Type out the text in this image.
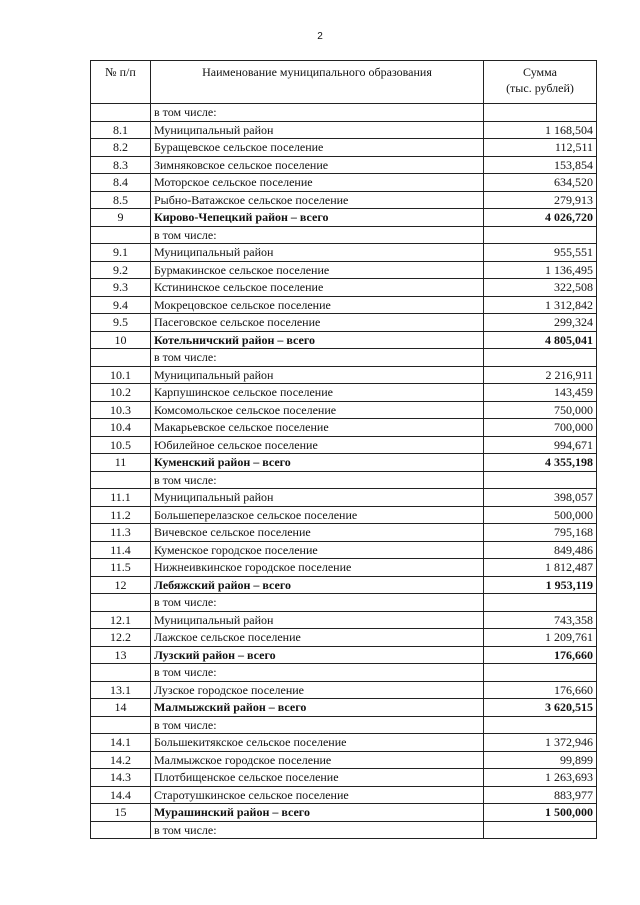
2
№ п/п	Наименование муниципального образования	Сумма
(тыс. рублей)
	в том числе:	
8.1	Муниципальный район	1 168,504
8.2	Буращевское сельское поселение	112,511
8.3	Зимняковское сельское поселение	153,854
8.4	Моторское сельское поселение	634,520
8.5	Рыбно-Ватажское сельское поселение	279,913
9	Кирово-Чепецкий район – всего	4 026,720
	в том числе:	
9.1	Муниципальный район	955,551
9.2	Бурмакинское сельское поселение	1 136,495
9.3	Кстининское сельское поселение	322,508
9.4	Мокрецовское сельское поселение	1 312,842
9.5	Пасеговское сельское поселение	299,324
10	Котельничский район – всего	4 805,041
	в том числе:	
10.1	Муниципальный район	2 216,911
10.2	Карпушинское сельское поселение	143,459
10.3	Комсомольское сельское поселение	750,000
10.4	Макарьевское сельское поселение	700,000
10.5	Юбилейное сельское поселение	994,671
11	Куменский район – всего	4 355,198
	в том числе:	
11.1	Муниципальный район	398,057
11.2	Большеперелазское сельское поселение	500,000
11.3	Вичевское сельское поселение	795,168
11.4	Куменское городское поселение	849,486
11.5	Нижнеивкинское городское поселение	1 812,487
12	Лебяжский район – всего	1 953,119
	в том числе:	
12.1	Муниципальный район	743,358
12.2	Лажское сельское поселение	1 209,761
13	Лузский район – всего	176,660
	в том числе:	
13.1	Лузское городское поселение	176,660
14	Малмыжский район – всего	3 620,515
	в том числе:	
14.1	Большекитякское сельское поселение	1 372,946
14.2	Малмыжское городское поселение	99,899
14.3	Плотбищенское сельское поселение	1 263,693
14.4	Старотушкинское сельское поселение	883,977
15	Мурашинский район – всего	1 500,000
	в том числе:	
